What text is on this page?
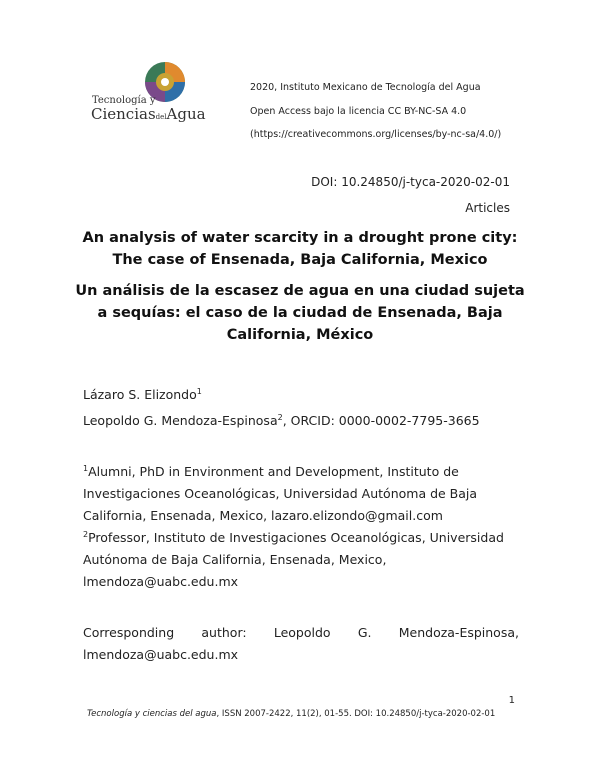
Tecnología y
CienciasdelAgua
2020, Instituto Mexicano de Tecnología del Agua
Open Access bajo la licencia CC BY-NC-SA 4.0
(https://creativecommons.org/licenses/by-nc-sa/4.0/)
DOI: 10.24850/j-tyca-2020-02-01
Articles
An analysis of water scarcity in a drought prone city:
The case of Ensenada, Baja California, Mexico
Un análisis de la escasez de agua en una ciudad sujeta
a sequías: el caso de la ciudad de Ensenada, Baja
California, México
Lázaro S. Elizondo$^1$
Leopoldo G. Mendoza-Espinosa$^2$, ORCID: 0000-0002-7795-3665
$^1$Alumni, PhD in Environment and Development, Instituto de
Investigaciones Oceanológicas, Universidad Autónoma de Baja
California, Ensenada, Mexico, lazaro.elizondo@gmail.com
$^2$Professor, Instituto de Investigaciones Oceanológicas, Universidad
Autónoma de Baja California, Ensenada, Mexico,
lmendoza@uabc.edu.mx
Corresponding author: Leopoldo G. Mendoza-Espinosa,
lmendoza@uabc.edu.mx
1
Tecnología y ciencias del agua, ISSN 2007-2422, 11(2), 01-55. DOI: 10.24850/j-tyca-2020-02-01
